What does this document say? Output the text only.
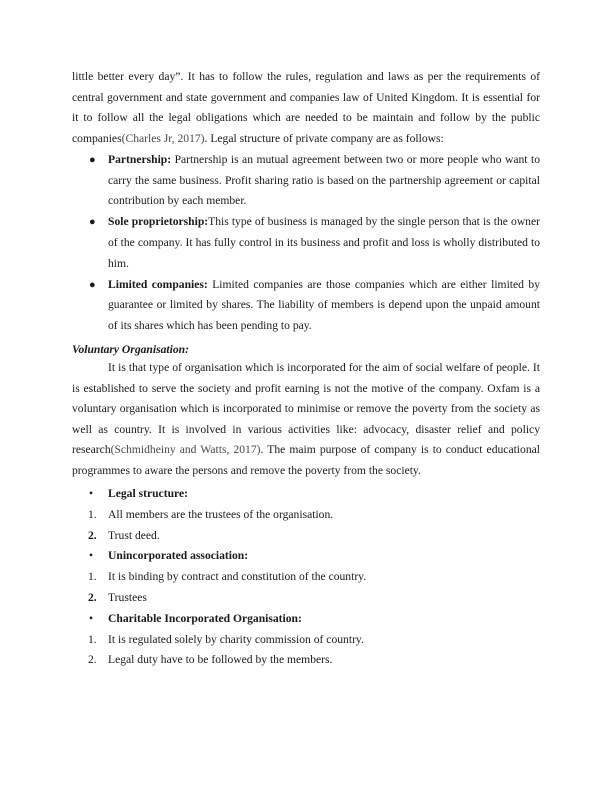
little better every day”. It has to follow the rules, regulation and laws as per the requirements of central government and state government and companies law of United Kingdom. It is essential for it to follow all the legal obligations which are needed to be maintain and follow by the public companies(Charles Jr, 2017). Legal structure of private company are as follows:

● Partnership: Partnership is an mutual agreement between two or more people who want to carry the same business. Profit sharing ratio is based on the partnership agreement or capital contribution by each member.
● Sole proprietorship:This type of business is managed by the single person that is the owner of the company. It has fully control in its business and profit and loss is wholly distributed to him.
● Limited companies: Limited companies are those companies which are either limited by guarantee or limited by shares. The liability of members is depend upon the unpaid amount of its shares which has been pending to pay.

Voluntary Organisation:

It is that type of organisation which is incorporated for the aim of social welfare of people. It is established to serve the society and profit earning is not the motive of the company. Oxfam is a voluntary organisation which is incorporated to minimise or remove the poverty from the society as well as country. It is involved in various activities like: advocacy, disaster relief and policy research(Schmidheiny and Watts, 2017). The maim purpose of company is to conduct educational programmes to aware the persons and remove the poverty from the society.

• Legal structure:
1. All members are the trustees of the organisation.
2. Trust deed.
• Unincorporated association:
1. It is binding by contract and constitution of the country.
2. Trustees
• Charitable Incorporated Organisation:
1. It is regulated solely by charity commission of country.
2. Legal duty have to be followed by the members.
